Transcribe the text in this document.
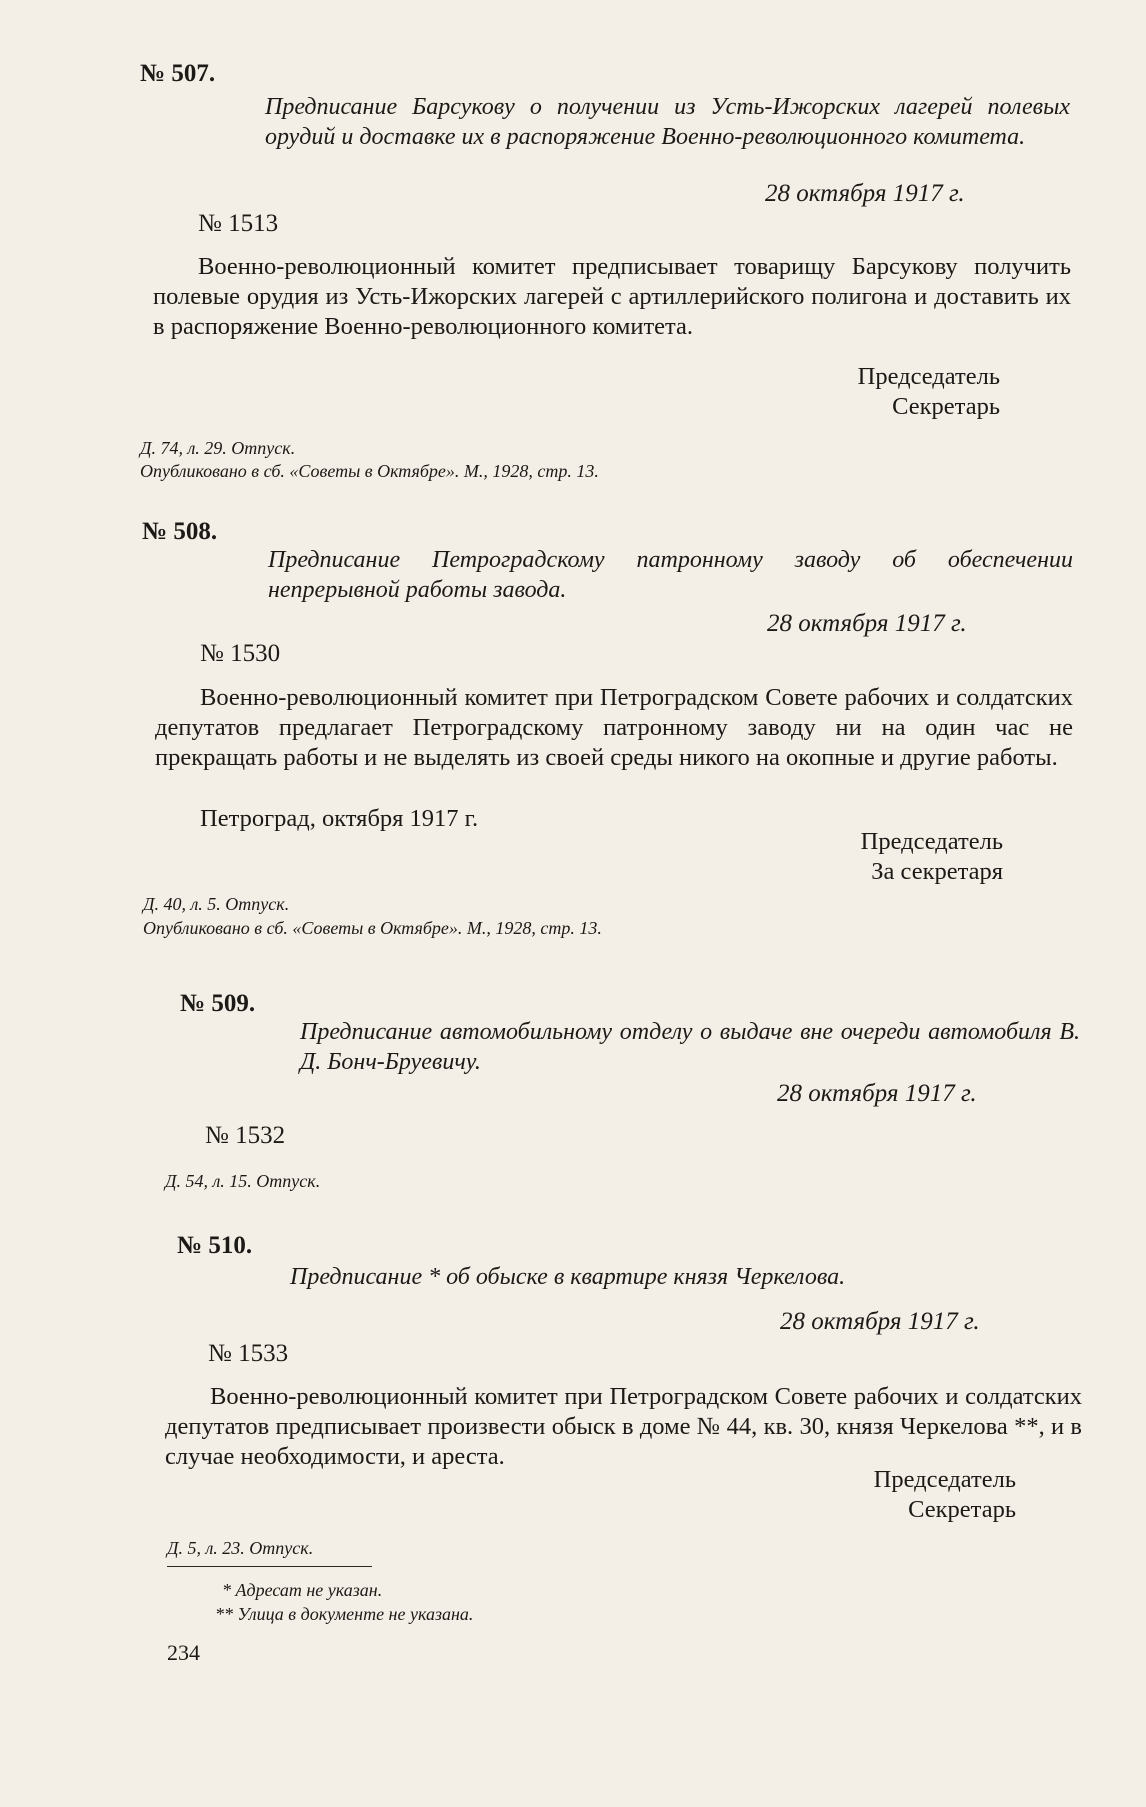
№ 507.
Предписание Барсукову о получении из Усть-Ижорских лагерей полевых орудий и доставке их в распоряжение Военно-революционного комитета.
28 октября 1917 г.
№ 1513
Военно-революционный комитет предписывает товарищу Барсукову получить полевые орудия из Усть-Ижорских лагерей с артиллерийского полигона и доставить их в распоряжение Военно-революционного комитета.
Председатель
Секретарь
Д. 74, л. 29. Отпуск.
Опубликовано в сб. «Советы в Октябре». М., 1928, стр. 13.
№ 508.
Предписание Петроградскому патронному заводу об обеспечении непрерывной работы завода.
28 октября 1917 г.
№ 1530
Военно-революционный комитет при Петроградском Совете рабочих и солдатских депутатов предлагает Петроградскому патронному заводу ни на один час не прекращать работы и не выделять из своей среды никого на окопные и другие работы.
Петроград, октября 1917 г.
Председатель
За секретаря
Д. 40, л. 5. Отпуск.
Опубликовано в сб. «Советы в Октябре». М., 1928, стр. 13.
№ 509.
Предписание автомобильному отделу о выдаче вне очереди автомобиля В. Д. Бонч-Бруевичу.
28 октября 1917 г.
№ 1532
Д. 54, л. 15. Отпуск.
№ 510.
Предписание * об обыске в квартире князя Черкелова.
28 октября 1917 г.
№ 1533
Военно-революционный комитет при Петроградском Совете рабочих и солдатских депутатов предписывает произвести обыск в доме № 44, кв. 30, князя Черкелова **, и в случае необходимости, и ареста.
Председатель
Секретарь
Д. 5, л. 23. Отпуск.
* Адресат не указан.
** Улица в документе не указана.
234
